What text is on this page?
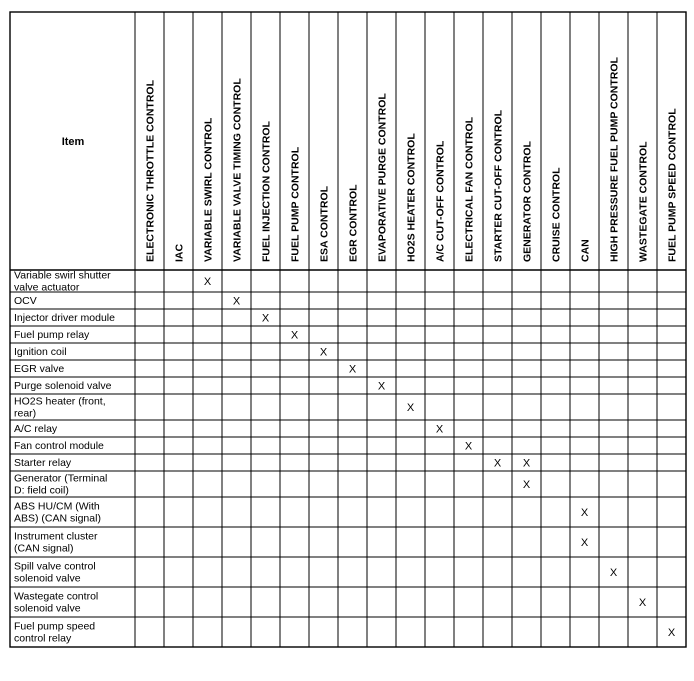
Item	ELECTRONIC THROTTLE CONTROL IAC VARIABLE SWIRL CONTROL VARIABLE VALVE TIMING CONTROL FUEL INJECTION CONTROL FUEL PUMP CONTROL ESA CONTROL EGR CONTROL EVAPORATIVE PURGE CONTROL HO2S HEATER CONTROL A/C CUT-OFF CONTROL ELECTRICAL FAN CONTROL STARTER CUT-OFF CONTROL GENERATOR CONTROL CRUISE CONTROL CAN HIGH PRESSURE FUEL PUMP CONTROL WASTEGATE CONTROL FUEL PUMP SPEED CONTROL
Variable swirl shutter
valve actuator
OCV
Injector driver module
Fuel pump relay
Ignition coil
EGR valve
Purge solenoid valve
HO2S heater (front,
rear)
A/C relay
Fan control module
Starter relay
Generator (Terminal
D: field coil)
ABS HU/CM (With
ABS) (CAN signal)
Instrument cluster
(CAN signal)
Spill valve control
solenoid valve
Wastegate control
solenoid valve
Fuel pump speed
control relay
X
X
X
X
X
X
X
X
X
X
X X
X
X
X
X
X
X
